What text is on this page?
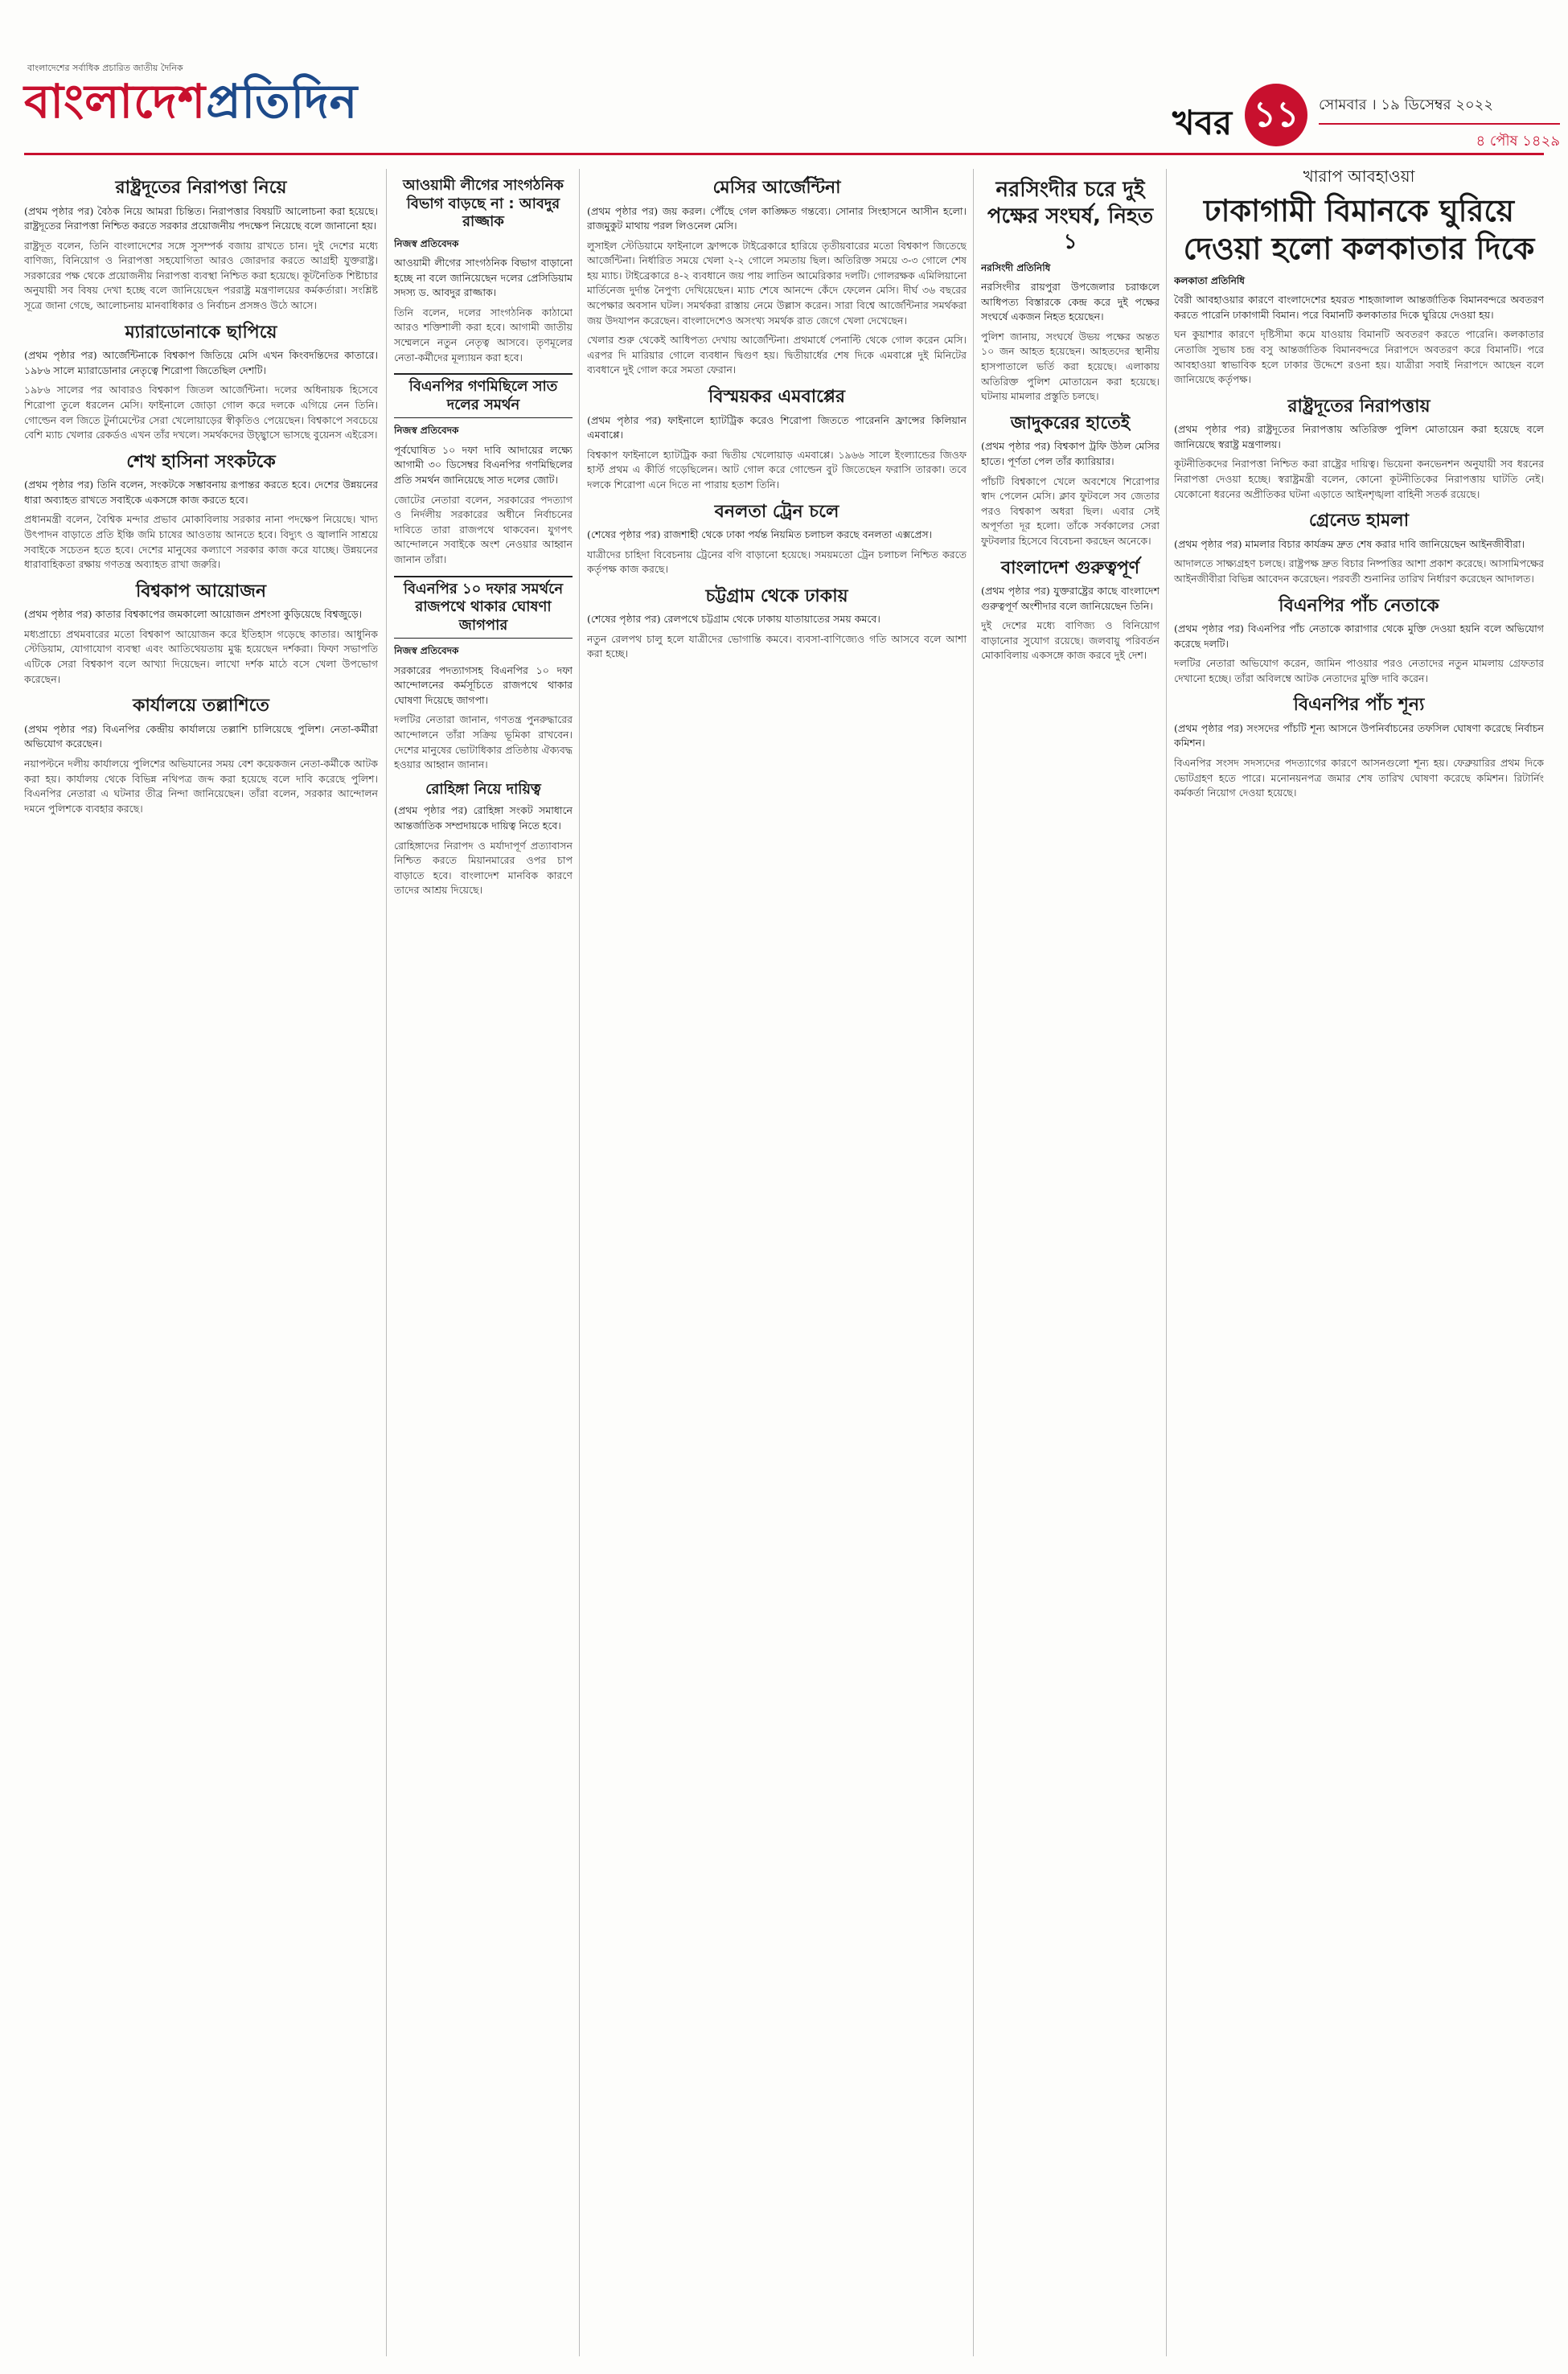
বাংলাদেশের সর্বাধিক প্রচারিত জাতীয় দৈনিক
বাংলাদেশপ্রতিদিন	খবর ১১	সোমবার । ১৯ ডিসেম্বর ২০২২
৪ পৌষ ১৪২৯
রাষ্ট্রদূতের নিরাপত্তা নিয়ে

(প্রথম পৃষ্ঠার পর) বৈঠক নিয়ে আমরা চিন্তিত। নিরাপত্তার বিষয়টি আলোচনা করা হয়েছে। রাষ্ট্রদূতের নিরাপত্তা নিশ্চিত করতে সরকার প্রয়োজনীয় পদক্ষেপ নিয়েছে বলে জানানো হয়।

রাষ্ট্রদূত বলেন, তিনি বাংলাদেশের সঙ্গে সুসম্পর্ক বজায় রাখতে চান। দুই দেশের মধ্যে বাণিজ্য, বিনিয়োগ ও নিরাপত্তা সহযোগিতা আরও জোরদার করতে আগ্রহী যুক্তরাষ্ট্র। সরকারের পক্ষ থেকে প্রয়োজনীয় নিরাপত্তা ব্যবস্থা নিশ্চিত করা হয়েছে। কূটনৈতিক শিষ্টাচার অনুযায়ী সব বিষয় দেখা হচ্ছে বলে জানিয়েছেন পররাষ্ট্র মন্ত্রণালয়ের কর্মকর্তারা। সংশ্লিষ্ট সূত্রে জানা গেছে, আলোচনায় মানবাধিকার ও নির্বাচন প্রসঙ্গও উঠে আসে।

ম্যারাডোনাকে ছাপিয়ে

(প্রথম পৃষ্ঠার পর) আর্জেন্টিনাকে বিশ্বকাপ জিতিয়ে মেসি এখন কিংবদন্তিদের কাতারে। ১৯৮৬ সালে ম্যারাডোনার নেতৃত্বে শিরোপা জিতেছিল দেশটি।

১৯৮৬ সালের পর আবারও বিশ্বকাপ জিতল আর্জেন্টিনা। দলের অধিনায়ক হিসেবে শিরোপা তুলে ধরলেন মেসি। ফাইনালে জোড়া গোল করে দলকে এগিয়ে নেন তিনি। গোল্ডেন বল জিতে টুর্নামেন্টের সেরা খেলোয়াড়ের স্বীকৃতিও পেয়েছেন। বিশ্বকাপে সবচেয়ে বেশি ম্যাচ খেলার রেকর্ডও এখন তাঁর দখলে। সমর্থকদের উচ্ছ্বাসে ভাসছে বুয়েনস এইরেস।

শেখ হাসিনা সংকটকে

(প্রথম পৃষ্ঠার পর) তিনি বলেন, সংকটকে সম্ভাবনায় রূপান্তর করতে হবে। দেশের উন্নয়নের ধারা অব্যাহত রাখতে সবাইকে একসঙ্গে কাজ করতে হবে।

প্রধানমন্ত্রী বলেন, বৈশ্বিক মন্দার প্রভাব মোকাবিলায় সরকার নানা পদক্ষেপ নিয়েছে। খাদ্য উৎপাদন বাড়াতে প্রতি ইঞ্চি জমি চাষের আওতায় আনতে হবে। বিদ্যুৎ ও জ্বালানি সাশ্রয়ে সবাইকে সচেতন হতে হবে। দেশের মানুষের কল্যাণে সরকার কাজ করে যাচ্ছে। উন্নয়নের ধারাবাহিকতা রক্ষায় গণতন্ত্র অব্যাহত রাখা জরুরি।

বিশ্বকাপ আয়োজন

(প্রথম পৃষ্ঠার পর) কাতার বিশ্বকাপের জমকালো আয়োজন প্রশংসা কুড়িয়েছে বিশ্বজুড়ে।

মধ্যপ্রাচ্যে প্রথমবারের মতো বিশ্বকাপ আয়োজন করে ইতিহাস গড়েছে কাতার। আধুনিক স্টেডিয়াম, যোগাযোগ ব্যবস্থা এবং আতিথেয়তায় মুগ্ধ হয়েছেন দর্শকরা। ফিফা সভাপতি এটিকে সেরা বিশ্বকাপ বলে আখ্যা দিয়েছেন। লাখো দর্শক মাঠে বসে খেলা উপভোগ করেছেন।

কার্যালয়ে তল্লাশিতে

(প্রথম পৃষ্ঠার পর) বিএনপির কেন্দ্রীয় কার্যালয়ে তল্লাশি চালিয়েছে পুলিশ। নেতা-কর্মীরা অভিযোগ করেছেন।

নয়াপল্টনে দলীয় কার্যালয়ে পুলিশের অভিযানের সময় বেশ কয়েকজন নেতা-কর্মীকে আটক করা হয়। কার্যালয় থেকে বিভিন্ন নথিপত্র জব্দ করা হয়েছে বলে দাবি করেছে পুলিশ। বিএনপির নেতারা এ ঘটনার তীব্র নিন্দা জানিয়েছেন। তাঁরা বলেন, সরকার আন্দোলন দমনে পুলিশকে ব্যবহার করছে।

আওয়ামী লীগের সাংগঠনিক বিভাগ বাড়ছে না : আবদুর রাজ্জাক
নিজস্ব প্রতিবেদক

আওয়ামী লীগের সাংগঠনিক বিভাগ বাড়ানো হচ্ছে না বলে জানিয়েছেন দলের প্রেসিডিয়াম সদস্য ড. আবদুর রাজ্জাক।

তিনি বলেন, দলের সাংগঠনিক কাঠামো আরও শক্তিশালী করা হবে। আগামী জাতীয় সম্মেলনে নতুন নেতৃত্ব আসবে। তৃণমূলের নেতা-কর্মীদের মূল্যায়ন করা হবে।

বিএনপির গণমিছিলে সাত দলের সমর্থন
নিজস্ব প্রতিবেদক

পূর্বঘোষিত ১০ দফা দাবি আদায়ের লক্ষ্যে আগামী ৩০ ডিসেম্বর বিএনপির গণমিছিলের প্রতি সমর্থন জানিয়েছে সাত দলের জোট।

জোটের নেতারা বলেন, সরকারের পদত্যাগ ও নির্দলীয় সরকারের অধীনে নির্বাচনের দাবিতে তারা রাজপথে থাকবেন। যুগপৎ আন্দোলনে সবাইকে অংশ নেওয়ার আহ্বান জানান তাঁরা।

বিএনপির ১০ দফার সমর্থনে রাজপথে থাকার ঘোষণা জাগপার
নিজস্ব প্রতিবেদক

সরকারের পদত্যাগসহ বিএনপির ১০ দফা আন্দোলনের কর্মসূচিতে রাজপথে থাকার ঘোষণা দিয়েছে জাগপা।

দলটির নেতারা জানান, গণতন্ত্র পুনরুদ্ধারের আন্দোলনে তাঁরা সক্রিয় ভূমিকা রাখবেন। দেশের মানুষের ভোটাধিকার প্রতিষ্ঠায় ঐক্যবদ্ধ হওয়ার আহ্বান জানান।

রোহিঙ্গা নিয়ে দায়িত্ব

(প্রথম পৃষ্ঠার পর) রোহিঙ্গা সংকট সমাধানে আন্তর্জাতিক সম্প্রদায়কে দায়িত্ব নিতে হবে।

রোহিঙ্গাদের নিরাপদ ও মর্যাদাপূর্ণ প্রত্যাবাসন নিশ্চিত করতে মিয়ানমারের ওপর চাপ বাড়াতে হবে। বাংলাদেশ মানবিক কারণে তাদের আশ্রয় দিয়েছে।

মেসির আর্জেন্টিনা

(প্রথম পৃষ্ঠার পর) জয় করল। পৌঁছে গেল কাঙ্ক্ষিত গন্তব্যে। সোনার সিংহাসনে আসীন হলো। রাজমুকুট মাথায় পরল লিওনেল মেসি।

লুসাইল স্টেডিয়ামে ফাইনালে ফ্রান্সকে টাইব্রেকারে হারিয়ে তৃতীয়বারের মতো বিশ্বকাপ জিতেছে আর্জেন্টিনা। নির্ধারিত সময়ে খেলা ২-২ গোলে সমতায় ছিল। অতিরিক্ত সময়ে ৩-৩ গোলে শেষ হয় ম্যাচ। টাইব্রেকারে ৪-২ ব্যবধানে জয় পায় লাতিন আমেরিকার দলটি। গোলরক্ষক এমিলিয়ানো মার্তিনেজ দুর্দান্ত নৈপুণ্য দেখিয়েছেন। ম্যাচ শেষে আনন্দে কেঁদে ফেলেন মেসি। দীর্ঘ ৩৬ বছরের অপেক্ষার অবসান ঘটল। সমর্থকরা রাস্তায় নেমে উল্লাস করেন। সারা বিশ্বে আর্জেন্টিনার সমর্থকরা জয় উদযাপন করেছেন। বাংলাদেশেও অসংখ্য সমর্থক রাত জেগে খেলা দেখেছেন।

খেলার শুরু থেকেই আধিপত্য দেখায় আর্জেন্টিনা। প্রথমার্ধে পেনাল্টি থেকে গোল করেন মেসি। এরপর দি মারিয়ার গোলে ব্যবধান দ্বিগুণ হয়। দ্বিতীয়ার্ধের শেষ দিকে এমবাপ্পে দুই মিনিটের ব্যবধানে দুই গোল করে সমতা ফেরান।

বিস্ময়কর এমবাপ্পের

(প্রথম পৃষ্ঠার পর) ফাইনালে হ্যাটট্রিক করেও শিরোপা জিততে পারেননি ফ্রান্সের কিলিয়ান এমবাপ্পে।

বিশ্বকাপ ফাইনালে হ্যাটট্রিক করা দ্বিতীয় খেলোয়াড় এমবাপ্পে। ১৯৬৬ সালে ইংল্যান্ডের জিওফ হার্স্ট প্রথম এ কীর্তি গড়েছিলেন। আট গোল করে গোল্ডেন বুট জিতেছেন ফরাসি তারকা। তবে দলকে শিরোপা এনে দিতে না পারায় হতাশ তিনি।

বনলতা ট্রেন চলে

(শেষের পৃষ্ঠার পর) রাজশাহী থেকে ঢাকা পর্যন্ত নিয়মিত চলাচল করছে বনলতা এক্সপ্রেস।

যাত্রীদের চাহিদা বিবেচনায় ট্রেনের বগি বাড়ানো হয়েছে। সময়মতো ট্রেন চলাচল নিশ্চিত করতে কর্তৃপক্ষ কাজ করছে।

চট্টগ্রাম থেকে ঢাকায়

(শেষের পৃষ্ঠার পর) রেলপথে চট্টগ্রাম থেকে ঢাকায় যাতায়াতের সময় কমবে।

নতুন রেলপথ চালু হলে যাত্রীদের ভোগান্তি কমবে। ব্যবসা-বাণিজ্যেও গতি আসবে বলে আশা করা হচ্ছে।

নরসিংদীর চরে দুই পক্ষের সংঘর্ষ, নিহত ১
নরসিংদী প্রতিনিধি

নরসিংদীর রায়পুরা উপজেলার চরাঞ্চলে আধিপত্য বিস্তারকে কেন্দ্র করে দুই পক্ষের সংঘর্ষে একজন নিহত হয়েছেন।

পুলিশ জানায়, সংঘর্ষে উভয় পক্ষের অন্তত ১০ জন আহত হয়েছেন। আহতদের স্থানীয় হাসপাতালে ভর্তি করা হয়েছে। এলাকায় অতিরিক্ত পুলিশ মোতায়েন করা হয়েছে। ঘটনায় মামলার প্রস্তুতি চলছে।

জাদুকরের হাতেই

(প্রথম পৃষ্ঠার পর) বিশ্বকাপ ট্রফি উঠল মেসির হাতে। পূর্ণতা পেল তাঁর ক্যারিয়ার।

পাঁচটি বিশ্বকাপে খেলে অবশেষে শিরোপার স্বাদ পেলেন মেসি। ক্লাব ফুটবলে সব জেতার পরও বিশ্বকাপ অধরা ছিল। এবার সেই অপূর্ণতা দূর হলো। তাঁকে সর্বকালের সেরা ফুটবলার হিসেবে বিবেচনা করছেন অনেকে।

বাংলাদেশ গুরুত্বপূর্ণ

(প্রথম পৃষ্ঠার পর) যুক্তরাষ্ট্রের কাছে বাংলাদেশ গুরুত্বপূর্ণ অংশীদার বলে জানিয়েছেন তিনি।

দুই দেশের মধ্যে বাণিজ্য ও বিনিয়োগ বাড়ানোর সুযোগ রয়েছে। জলবায়ু পরিবর্তন মোকাবিলায় একসঙ্গে কাজ করবে দুই দেশ।

খারাপ আবহাওয়া
ঢাকাগামী বিমানকে ঘুরিয়ে দেওয়া হলো কলকাতার দিকে
কলকাতা প্রতিনিধি

বৈরী আবহাওয়ার কারণে বাংলাদেশের হযরত শাহজালাল আন্তর্জাতিক বিমানবন্দরে অবতরণ করতে পারেনি ঢাকাগামী বিমান। পরে বিমানটি কলকাতার দিকে ঘুরিয়ে দেওয়া হয়।

ঘন কুয়াশার কারণে দৃষ্টিসীমা কমে যাওয়ায় বিমানটি অবতরণ করতে পারেনি। কলকাতার নেতাজি সুভাষ চন্দ্র বসু আন্তর্জাতিক বিমানবন্দরে নিরাপদে অবতরণ করে বিমানটি। পরে আবহাওয়া স্বাভাবিক হলে ঢাকার উদ্দেশে রওনা হয়। যাত্রীরা সবাই নিরাপদে আছেন বলে জানিয়েছে কর্তৃপক্ষ।

রাষ্ট্রদূতের নিরাপত্তায়

(প্রথম পৃষ্ঠার পর) রাষ্ট্রদূতের নিরাপত্তায় অতিরিক্ত পুলিশ মোতায়েন করা হয়েছে বলে জানিয়েছে স্বরাষ্ট্র মন্ত্রণালয়।

কূটনীতিকদের নিরাপত্তা নিশ্চিত করা রাষ্ট্রের দায়িত্ব। ভিয়েনা কনভেনশন অনুযায়ী সব ধরনের নিরাপত্তা দেওয়া হচ্ছে। স্বরাষ্ট্রমন্ত্রী বলেন, কোনো কূটনীতিকের নিরাপত্তায় ঘাটতি নেই। যেকোনো ধরনের অপ্রীতিকর ঘটনা এড়াতে আইনশৃঙ্খলা বাহিনী সতর্ক রয়েছে।

গ্রেনেড হামলা

(প্রথম পৃষ্ঠার পর) মামলার বিচার কার্যক্রম দ্রুত শেষ করার দাবি জানিয়েছেন আইনজীবীরা।

আদালতে সাক্ষ্যগ্রহণ চলছে। রাষ্ট্রপক্ষ দ্রুত বিচার নিষ্পত্তির আশা প্রকাশ করেছে। আসামিপক্ষের আইনজীবীরা বিভিন্ন আবেদন করেছেন। পরবর্তী শুনানির তারিখ নির্ধারণ করেছেন আদালত।

বিএনপির পাঁচ নেতাকে

(প্রথম পৃষ্ঠার পর) বিএনপির পাঁচ নেতাকে কারাগার থেকে মুক্তি দেওয়া হয়নি বলে অভিযোগ করেছে দলটি।

দলটির নেতারা অভিযোগ করেন, জামিন পাওয়ার পরও নেতাদের নতুন মামলায় গ্রেফতার দেখানো হচ্ছে। তাঁরা অবিলম্বে আটক নেতাদের মুক্তি দাবি করেন।

বিএনপির পাঁচ শূন্য

(প্রথম পৃষ্ঠার পর) সংসদের পাঁচটি শূন্য আসনে উপনির্বাচনের তফসিল ঘোষণা করেছে নির্বাচন কমিশন।

বিএনপির সংসদ সদস্যদের পদত্যাগের কারণে আসনগুলো শূন্য হয়। ফেব্রুয়ারির প্রথম দিকে ভোটগ্রহণ হতে পারে। মনোনয়নপত্র জমার শেষ তারিখ ঘোষণা করেছে কমিশন। রিটার্নিং কর্মকর্তা নিয়োগ দেওয়া হয়েছে।
